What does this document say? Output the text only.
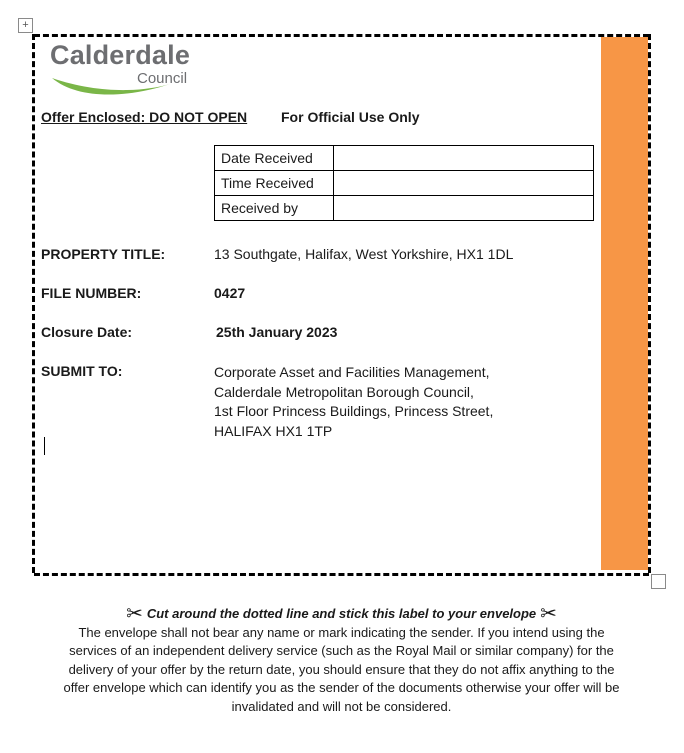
+
Calderdale
Council
Offer Enclosed: DO NOT OPEN For Official Use Only
Date Received	
Time Received	
Received by	
PROPERTY TITLE:	13 Southgate, Halifax, West Yorkshire, HX1 1DL
FILE NUMBER:	0427
Closure Date:	25th January 2023
SUBMIT TO:	Corporate Asset and Facilities Management,
Calderdale Metropolitan Borough Council,
1st Floor Princess Buildings, Princess Street,
HALIFAX HX1 1TP
✂ Cut around the dotted line and stick this label to your envelope ✂
The envelope shall not bear any name or mark indicating the sender. If you intend using the
services of an independent delivery service (such as the Royal Mail or similar company) for the
delivery of your offer by the return date, you should ensure that they do not affix anything to the
offer envelope which can identify you as the sender of the documents otherwise your offer will be
invalidated and will not be considered.
